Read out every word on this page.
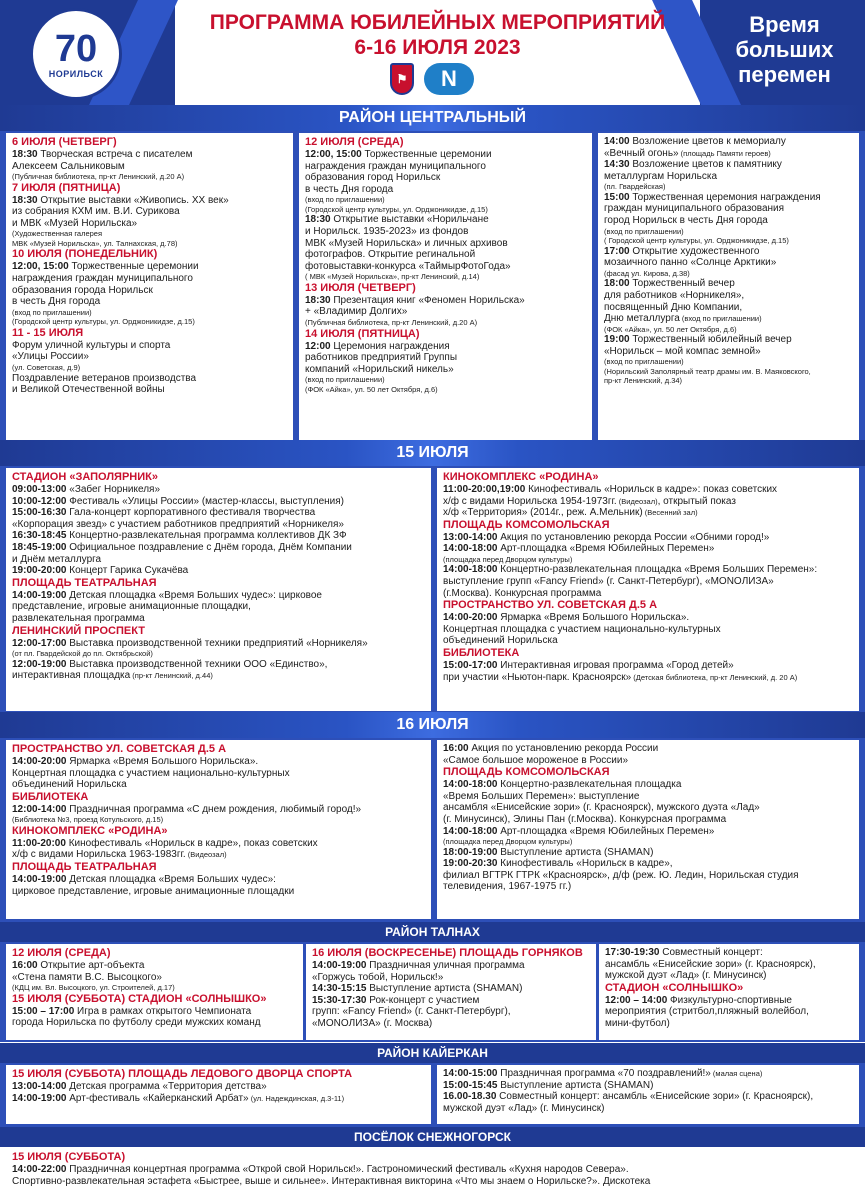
70
НОРИЛЬСК
ПРОГРАММА ЮБИЛЕЙНЫХ МЕРОПРИЯТИЙ
6-16 ИЮЛЯ 2023
⚑	N
Время
больших
перемен
РАЙОН ЦЕНТРАЛЬНЫЙ
6 ИЮЛЯ (ЧЕТВЕРГ)
18:30 Творческая встреча с писателем
Алексеем Сальниковым
(Публичная библиотека, пр-кт Ленинский, д.20 А)
7 ИЮЛЯ (ПЯТНИЦА)
18:30 Открытие выставки «Живопись. XX век»
из собрания КХМ им. В.И. Сурикова
и МВК «Музей Норильска»
(Художественная галерея
МВК «Музей Норильска», ул. Талнахская, д.78)
10 ИЮЛЯ (ПОНЕДЕЛЬНИК)
12:00, 15:00 Торжественные церемонии
награждения граждан муниципального
образования города Норильск
в честь Дня города
(вход по приглашении)
(Городской центр культуры, ул. Орджоникидзе, д.15)
11 - 15 ИЮЛЯ
Форум уличной культуры и спорта
«Улицы России»
(ул. Советская, д.9)
Поздравление ветеранов производства
и Великой Отечественной войны
12 ИЮЛЯ (СРЕДА)
12:00, 15:00 Торжественные церемонии
награждения граждан муниципального
образования город Норильск
в честь Дня города
(вход по приглашении)
(Городской центр культуры, ул. Орджоникидзе, д.15)
18:30 Открытие выставки «Норильчане
и Норильск. 1935-2023» из фондов
МВК «Музей Норильска» и личных архивов
фотографов. Открытие регинальной
фотовыставки-конкурса «ТаймырФотоГода»
( МВК «Музей Норильска», пр-кт Ленинский, д.14)
13 ИЮЛЯ (ЧЕТВЕРГ)
18:30 Презентация книг «Феномен Норильска»
+ «Владимир Долгих»
(Публичная библиотека, пр-кт Ленинский, д.20 А)
14 ИЮЛЯ (ПЯТНИЦА)
12:00 Церемония награждения
работников предприятий Группы
компаний «Норильский никель»
(вход по приглашении)
(ФОК «Айка», ул. 50 лет Октября, д.6)
14:00 Возложение цветов к мемориалу
«Вечный огонь» (площадь Памяти героев)
14:30 Возложение цветов к памятнику
металлургам Норильска
(пл. Гвардейская)
15:00 Торжественная церемония награждения
граждан муниципального образования
город Норильск в честь Дня города
(вход по приглашении)
( Городской центр культуры, ул. Орджоникидзе, д.15)
17:00 Открытие художественного
мозаичного панно «Солнце Арктики»
(фасад ул. Кирова, д.38)
18:00 Торжественный вечер
для работников «Норникеля»,
посвященный Дню Компании,
Дню металлурга (вход по приглашении)
(ФОК «Айка», ул. 50 лет Октября, д.6)
19:00 Торжественный юбилейный вечер
«Норильск – мой компас земной»
(вход по приглашении)
(Норильский Заполярный театр драмы им. В. Маяковского,
пр-кт Ленинский, д.34)
15 ИЮЛЯ
СТАДИОН «ЗАПОЛЯРНИК»
09:00-13:00 «Забег Норникеля»
10:00-12:00 Фестиваль «Улицы России» (мастер-классы, выступления)
15:00-16:30 Гала-концерт корпоративного фестиваля творчества
«Корпорация звезд» с участием работников предприятий «Норникеля»
16:30-18:45 Концертно-развлекательная программа коллективов ДК ЗФ
18:45-19:00 Официальное поздравление с Днём города, Днём Компании
и Днём металлурга
19:00-20:00 Концерт Гарика Сукачёва
ПЛОЩАДЬ ТЕАТРАЛЬНАЯ
14:00-19:00 Детская площадка «Время Больших чудес»: цирковое
представление, игровые анимационные площадки,
развлекательная программа
ЛЕНИНСКИЙ ПРОСПЕКТ
12:00-17:00 Выставка производственной техники предприятий «Норникеля»
(от пл. Гвардейской до пл. Октябрьской)
12:00-19:00 Выставка производственной техники ООО «Единство»,
интерактивная площадка (пр-кт Ленинский, д.44)
КИНОКОМПЛЕКС «РОДИНА»
11:00-20:00,19:00 Кинофестиваль «Норильск в кадре»: показ советских
х/ф с видами Норильска 1954-1973гг. (Видеозал), открытый показ
х/ф «Территория» (2014г., реж. А.Мельник) (Весенний зал)
ПЛОЩАДЬ КОМСОМОЛЬСКАЯ
13:00-14:00 Акция по установлению рекорда России «Обними город!»
14:00-18:00 Арт-площадка «Время Юбилейных Перемен»
(площадка перед Дворцом культуры)
14:00-18:00 Концертно-развлекательная площадка «Время Больших Перемен»:
выступление групп «Fancy Friend» (г. Санкт-Петербург), «MONOЛИЗА»
(г.Москва). Конкурсная программа
ПРОСТРАНСТВО УЛ. СОВЕТСКАЯ Д.5 А
14:00-20:00 Ярмарка «Время Большого Норильска».
Концертная площадка с участием национально-культурных
объединений Норильска
БИБЛИОТЕКА
15:00-17:00 Интерактивная игровая программа «Город детей»
при участии «Ньютон-парк. Красноярск» (Детская библиотека, пр-кт Ленинский, д. 20 А)
16 ИЮЛЯ
ПРОСТРАНСТВО УЛ. СОВЕТСКАЯ Д.5 А
14:00-20:00 Ярмарка «Время Большого Норильска».
Концертная площадка с участием национально-культурных
объединений Норильска
БИБЛИОТЕКА
12:00-14:00 Праздничная программа «С днем рождения, любимый город!»
(Библиотека №3, проезд Котульского, д.15)
КИНОКОМПЛЕКС «РОДИНА»
11:00-20:00 Кинофестиваль «Норильск в кадре», показ советских
х/ф с видами Норильска 1963-1983гг. (Видеозал)
ПЛОЩАДЬ ТЕАТРАЛЬНАЯ
14:00-19:00 Детская площадка «Время Больших чудес»:
цирковое представление, игровые анимационные площадки
16:00 Акция по установлению рекорда России
«Самое большое мороженое в России»
ПЛОЩАДЬ КОМСОМОЛЬСКАЯ
14:00-18:00 Концертно-развлекательная площадка
«Время Больших Перемен»: выступление
ансамбля «Енисейские зори» (г. Красноярск), мужского дуэта «Лад»
(г. Минусинск), Элины Пан (г.Москва). Конкурсная программа
14:00-18:00 Арт-площадка «Время Юбилейных Перемен»
(площадка перед Дворцом культуры)
18:00-19:00 Выступление артиста (SHAMAN)
19:00-20:30 Кинофестиваль «Норильск в кадре»,
филиал ВГТРК ГТРК «Красноярск», д/ф (реж. Ю. Ледин, Норильская студия
телевидения, 1967-1975 гг.)
РАЙОН ТАЛНАХ
12 ИЮЛЯ (СРЕДА)
16:00 Открытие арт-объекта
«Стена памяти В.С. Высоцкого»
(КДЦ им. Вл. Высоцкого, ул. Строителей, д.17)
15 ИЮЛЯ (СУББОТА) СТАДИОН «СОЛНЫШКО»
15:00 – 17:00 Игра в рамках открытого Чемпионата
города Норильска по футболу среди мужских команд
16 ИЮЛЯ (ВОСКРЕСЕНЬЕ) ПЛОЩАДЬ ГОРНЯКОВ
14:00-19:00 Праздничная уличная программа
«Горжусь тобой, Норильск!»
14:30-15:15 Выступление артиста (SHAMAN)
15:30-17:30 Рок-концерт с участием
групп: «Fancy Friend» (г. Санкт-Петербург),
«MONOЛИЗА» (г. Москва)
17:30-19:30 Совместный концерт:
ансамбль «Енисейские зори» (г. Красноярск),
мужской дуэт «Лад» (г. Минусинск)
СТАДИОН «СОЛНЫШКО»
12:00 – 14:00 Физкультурно-спортивные
мероприятия (стритбол,пляжный волейбол,
мини-футбол)
РАЙОН КАЙЕРКАН
15 ИЮЛЯ (СУББОТА) ПЛОЩАДЬ ЛЕДОВОГО ДВОРЦА СПОРТА
13:00-14:00 Детская программа «Территория детства»
14:00-19:00 Арт-фестиваль «Кайерканский Арбат» (ул. Надеждинская, д.3-11)
14:00-15:00 Праздничная программа «70 поздравлений!» (малая сцена)
15:00-15:45 Выступление артиста (SHAMAN)
16.00-18.30 Совместный концерт: ансамбль «Енисейские зори» (г. Красноярск),
мужской дуэт «Лад» (г. Минусинск)
ПОСЁЛОК СНЕЖНОГОРСК
15 ИЮЛЯ (СУББОТА)
14:00-22:00 Праздничная концертная программа «Открой свой Норильск!». Гастрономический фестиваль «Кухня народов Севера».
Спортивно-развлекательная эстафета «Быстрее, выше и сильнее». Интерактивная викторина «Что мы знаем о Норильске?». Дискотека
